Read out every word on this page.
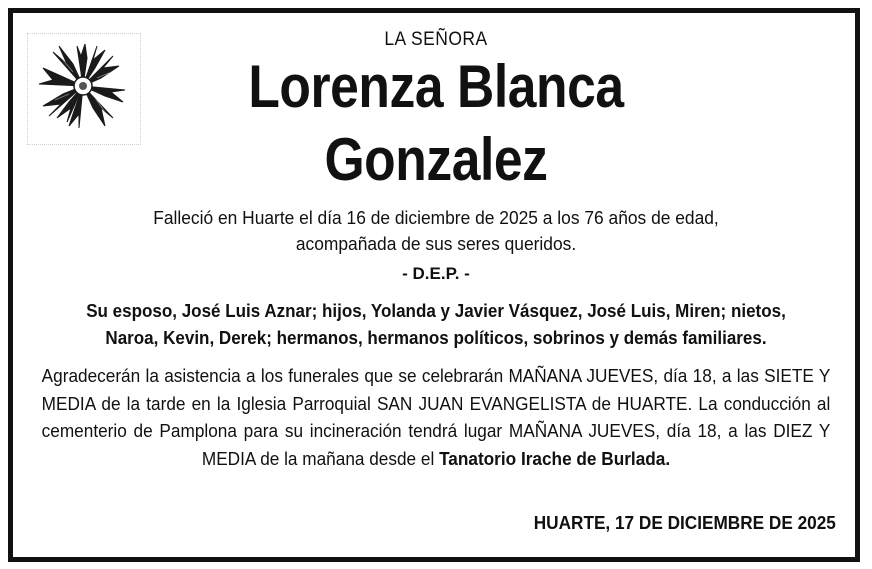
LA SEÑORA
Lorenza Blanca
Gonzalez
Falleció en Huarte el día 16 de diciembre de 2025 a los 76 años de edad,
acompañada de sus seres queridos.
- D.E.P. -
Su esposo, José Luis Aznar; hijos, Yolanda y Javier Vásquez, José Luis, Miren; nietos,
Naroa, Kevin, Derek; hermanos, hermanos políticos, sobrinos y demás familiares.
Agradecerán la asistencia a los funerales que se celebrarán MAÑANA JUEVES, día 18, a las SIETE Y MEDIA de la tarde en la Iglesia Parroquial SAN JUAN EVANGELISTA de HUARTE. La conducción al cementerio de Pamplona para su incineración tendrá lugar MAÑANA JUEVES, día 18, a las DIEZ Y MEDIA de la mañana desde el Tanatorio Irache de Burlada.
HUARTE, 17 DE DICIEMBRE DE 2025
